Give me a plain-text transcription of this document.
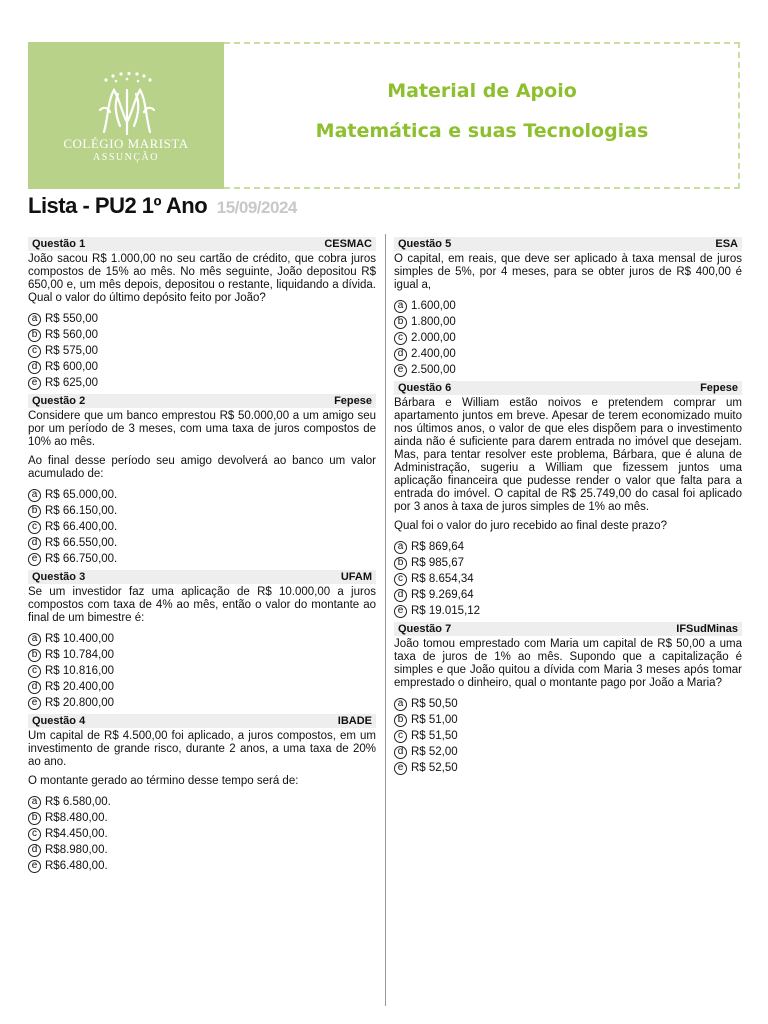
COLÉGIO MARISTA
ASSUNÇÃO
Material de Apoio
Matemática e suas Tecnologias
Lista - PU2 1º Ano 15/09/2024
Questão 1	CESMAC

João sacou R$ 1.000,00 no seu cartão de crédito, que cobra juros compostos de 15% ao mês. No mês seguinte, João depositou R$ 650,00 e, um mês depois, depositou o restante, liquidando a dívida. Qual o valor do último depósito feito por João?

a R$ 550,00
b R$ 560,00
c R$ 575,00
d R$ 600,00
e R$ 625,00
Questão 2	Fepese

Considere que um banco emprestou R$ 50.000,00 a um amigo seu por um período de 3 meses, com uma taxa de juros compostos de 10% ao mês.

Ao final desse período seu amigo devolverá ao banco um valor acumulado de:

a R$ 65.000,00.
b R$ 66.150,00.
c R$ 66.400,00.
d R$ 66.550,00.
e R$ 66.750,00.
Questão 3	UFAM

Se um investidor faz uma aplicação de R$ 10.000,00 a juros compostos com taxa de 4% ao mês, então o valor do montante ao final de um bimestre é:

a R$ 10.400,00
b R$ 10.784,00
c R$ 10.816,00
d R$ 20.400,00
e R$ 20.800,00
Questão 4	IBADE

Um capital de R$ 4.500,00 foi aplicado, a juros compostos, em um investimento de grande risco, durante 2 anos, a uma taxa de 20% ao ano.

O montante gerado ao término desse tempo será de:

a R$ 6.580,00.
b R$8.480,00.
c R$4.450,00.
d R$8.980,00.
e R$6.480,00.
Questão 5	ESA

O capital, em reais, que deve ser aplicado à taxa mensal de juros simples de 5%, por 4 meses, para se obter juros de R$ 400,00 é igual a,

a 1.600,00
b 1.800,00
c 2.000,00
d 2.400,00
e 2.500,00
Questão 6	Fepese

Bárbara e William estão noivos e pretendem comprar um apartamento juntos em breve. Apesar de terem economizado muito nos últimos anos, o valor de que eles dispõem para o investimento ainda não é suficiente para darem entrada no imóvel que desejam. Mas, para tentar resolver este problema, Bárbara, que é aluna de Administração, sugeriu a William que fizessem juntos uma aplicação financeira que pudesse render o valor que falta para a entrada do imóvel. O capital de R$ 25.749,00 do casal foi aplicado por 3 anos à taxa de juros simples de 1% ao mês.

Qual foi o valor do juro recebido ao final deste prazo?

a R$ 869,64
b R$ 985,67
c R$ 8.654,34
d R$ 9.269,64
e R$ 19.015,12
Questão 7	IFSudMinas

João tomou emprestado com Maria um capital de R$ 50,00 a uma taxa de juros de 1% ao mês. Supondo que a capitalização é simples e que João quitou a dívida com Maria 3 meses após tomar emprestado o dinheiro, qual o montante pago por João a Maria?

a R$ 50,50
b R$ 51,00
c R$ 51,50
d R$ 52,00
e R$ 52,50
